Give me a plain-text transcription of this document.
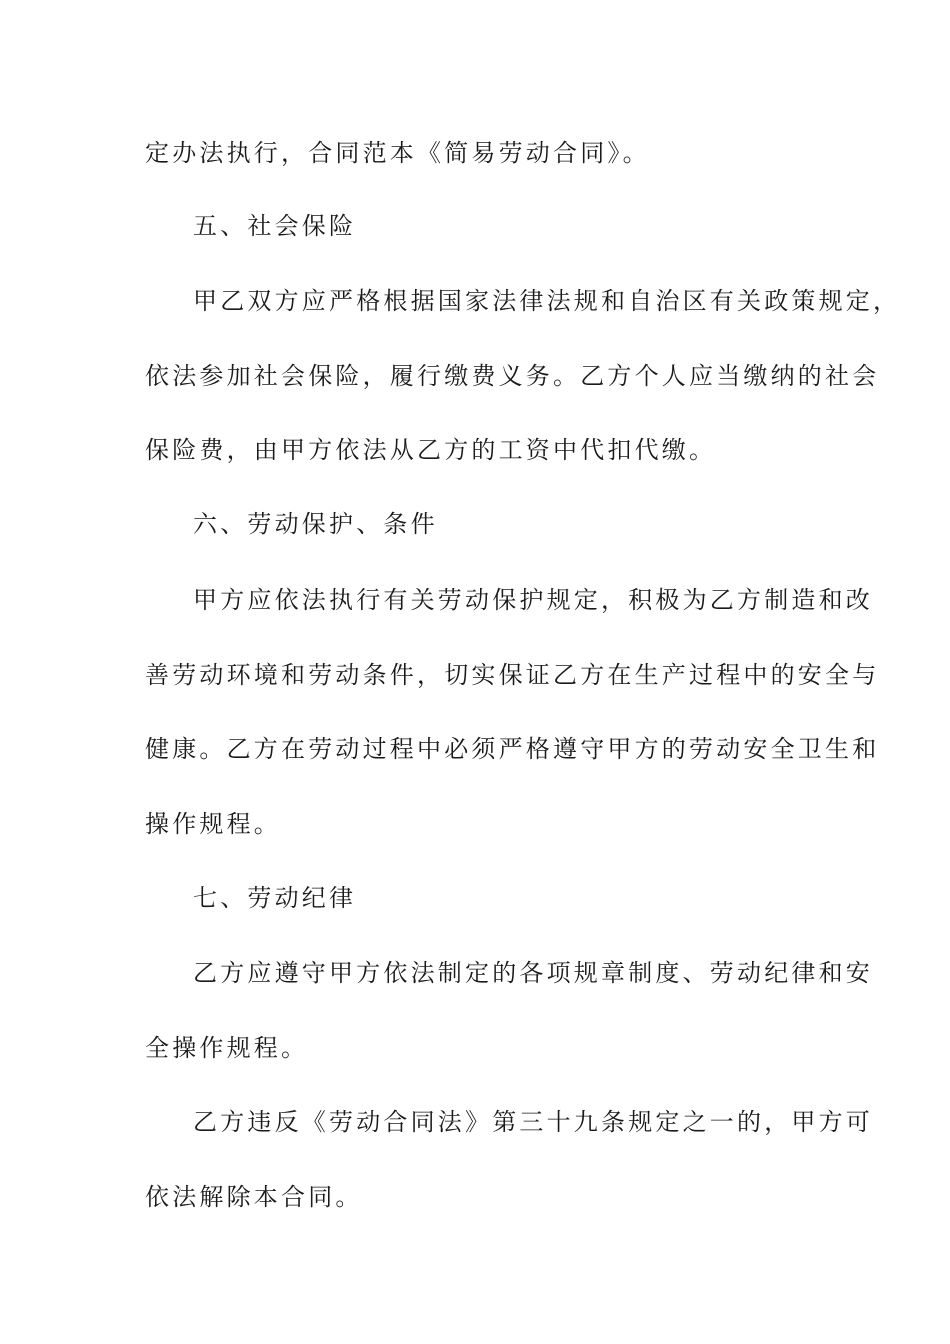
定办法执行，合同范本《简易劳动合同》。
五、社会保险
甲乙双方应严格根据国家法律法规和自治区有关政策规定，
依法参加社会保险，履行缴费义务。乙方个人应当缴纳的社会
保险费，由甲方依法从乙方的工资中代扣代缴。
六、劳动保护、条件
甲方应依法执行有关劳动保护规定，积极为乙方制造和改
善劳动环境和劳动条件，切实保证乙方在生产过程中的安全与
健康。乙方在劳动过程中必须严格遵守甲方的劳动安全卫生和
操作规程。
七、劳动纪律
乙方应遵守甲方依法制定的各项规章制度、劳动纪律和安
全操作规程。
乙方违反《劳动合同法》第三十九条规定之一的，甲方可
依法解除本合同。
